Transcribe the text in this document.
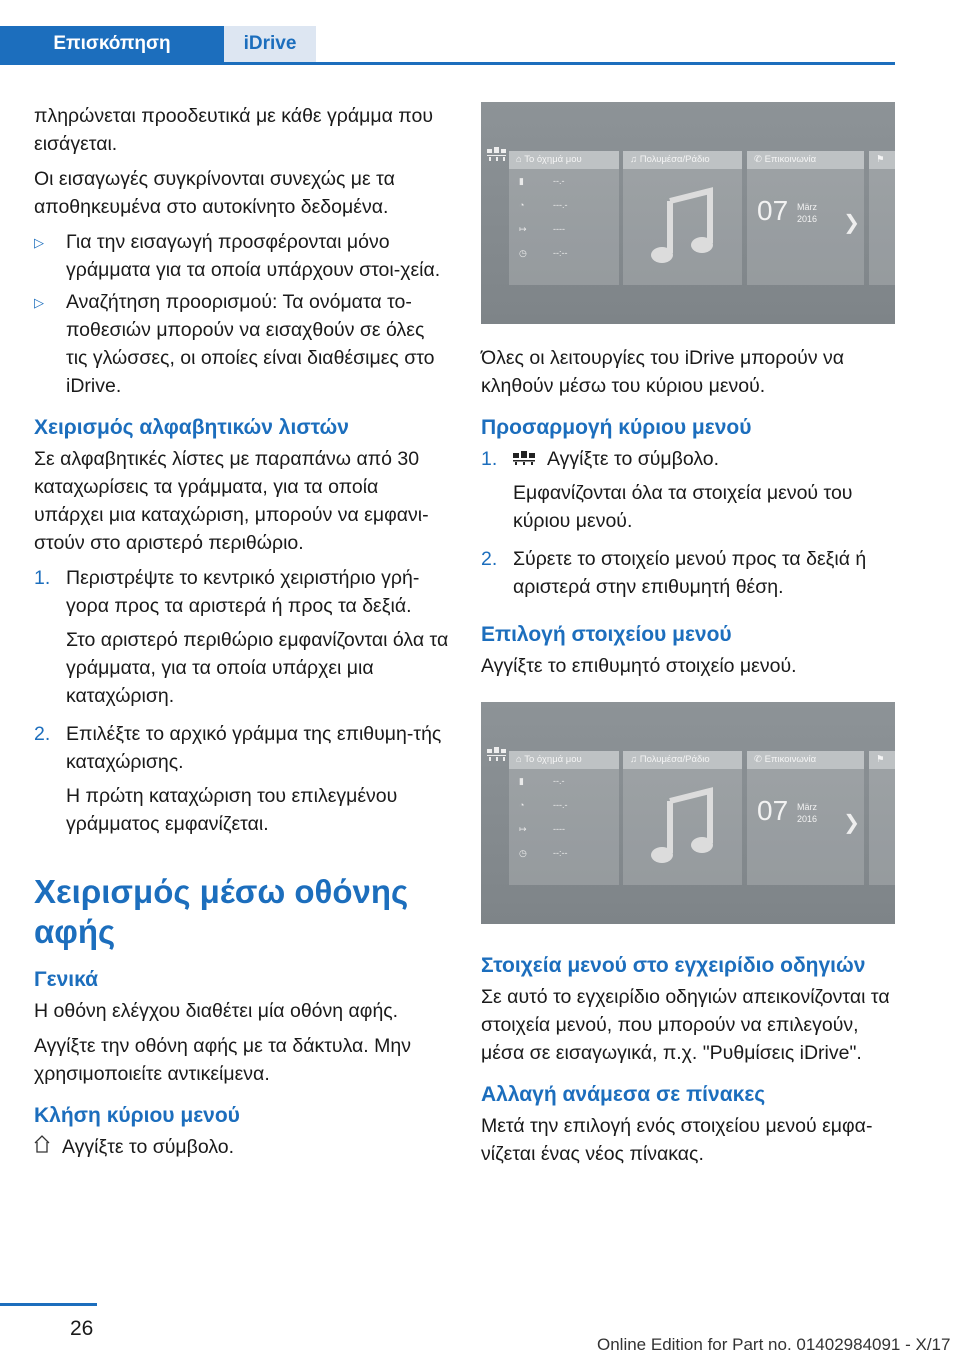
Επισκόπηση	iDrive

πληρώνεται προοδευτικά με κάθε γράμμα που εισάγεται.

Οι εισαγωγές συγκρίνονται συνεχώς με τα αποθηκευμένα στο αυτοκίνητο δεδομένα.

▷	Για την εισαγωγή προσφέρονται μόνο γράμματα για τα οποία υπάρχουν στοι‐χεία.
▷	Αναζήτηση προορισμού: Τα ονόματα το‐ποθεσιών μπορούν να εισαχθούν σε όλες τις γλώσσες, οι οποίες είναι διαθέσιμες στο iDrive.
Χειρισμός αλφαβητικών λιστών

Σε αλφαβητικές λίστες με παραπάνω από 30 καταχωρίσεις τα γράμματα, για τα οποία υπάρχει μια καταχώριση, μπορούν να εμφανι‐στούν στο αριστερό περιθώριο.

1. Περιστρέψτε το κεντρικό χειριστήριο γρή‐γορα προς τα αριστερά ή προς τα δεξιά.

Στο αριστερό περιθώριο εμφανίζονται όλα τα γράμματα, για τα οποία υπάρχει μια καταχώριση.

2. Επιλέξτε το αρχικό γράμμα της επιθυμη‐τής καταχώρισης.

Η πρώτη καταχώριση του επιλεγμένου γράμματος εμφανίζεται.

Χειρισμός μέσω οθόνης αφής
Γενικά

Η οθόνη ελέγχου διαθέτει μία οθόνη αφής.

Αγγίξτε την οθόνη αφής με τα δάκτυλα. Μην χρησιμοποιείτε αντικείμενα.

Κλήση κύριου μενού
Αγγίξτε το σύμβολο.
⌂ Το όχημά μου
▮	--.-
◔	---.-
↦	----
◷	--:--
♫ Πολυμέσα/Ράδιο	✆ Επικοινωνία
07 März
2016	❯
⚑

Όλες οι λειτουργίες του iDrive μπορούν να κληθούν μέσω του κύριου μενού.

Προσαρμογή κύριου μενού
1.	Αγγίξτε το σύμβολο.

Εμφανίζονται όλα τα στοιχεία μενού του κύριου μενού.

2. Σύρετε το στοιχείο μενού προς τα δεξιά ή αριστερά στην επιθυμητή θέση.

Επιλογή στοιχείου μενού

Αγγίξτε το επιθυμητό στοιχείο μενού.

⌂ Το όχημά μου
▮	--.-
◔	---.-
↦	----
◷	--:--
♫ Πολυμέσα/Ράδιο	✆ Επικοινωνία
07 März
2016	❯
⚑
Στοιχεία μενού στο εγχειρίδιο οδηγιών

Σε αυτό το εγχειρίδιο οδηγιών απεικονίζονται τα στοιχεία μενού, που μπορούν να επιλεγούν, μέσα σε εισαγωγικά, π.χ. "Ρυθμίσεις iDrive".

Αλλαγή ανάμεσα σε πίνακες

Μετά την επιλογή ενός στοιχείου μενού εμφα‐νίζεται ένας νέος πίνακας.

26
Online Edition for Part no. 01402984091 - X/17
